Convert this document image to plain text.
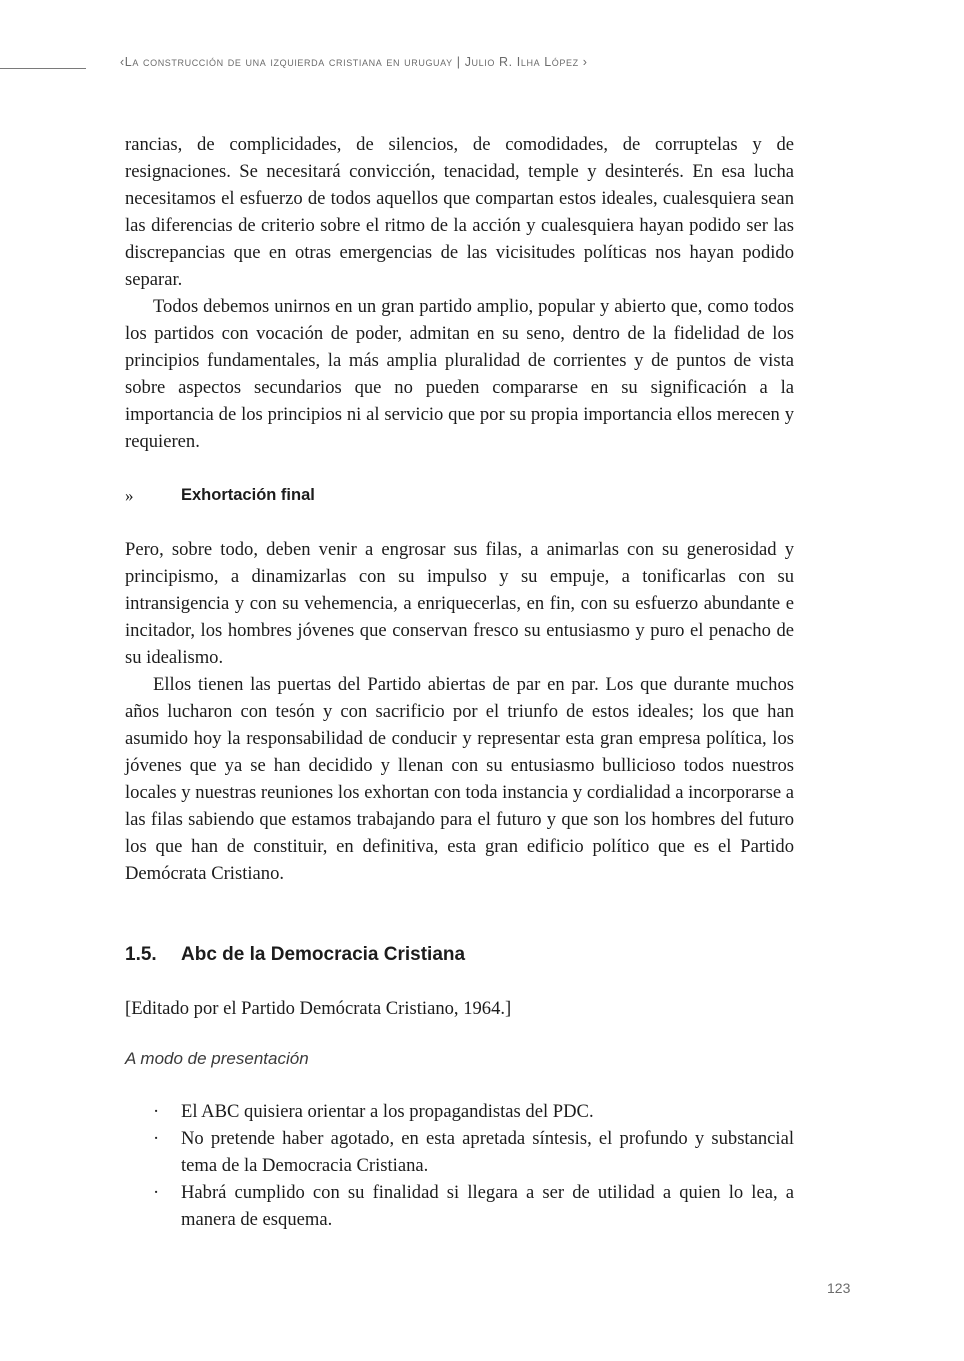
‹La construcción de una izquierda cristiana en uruguay | Julio R. Ilha López ›

rancias, de complicidades, de silencios, de comodidades, de corruptelas y de resignaciones. Se necesitará convicción, tenacidad, temple y desinterés. En esa lucha necesitamos el esfuerzo de todos aquellos que compartan estos ideales, cualesquiera sean las diferencias de criterio sobre el ritmo de la acción y cualesquiera hayan podido ser las discrepancias que en otras emergencias de las vicisitudes políticas nos hayan podido separar.

Todos debemos unirnos en un gran partido amplio, popular y abierto que, como todos los partidos con vocación de poder, admitan en su seno, dentro de la fidelidad de los principios fundamentales, la más amplia pluralidad de corrientes y de puntos de vista sobre aspectos secundarios que no pueden compararse en su significación a la importancia de los principios ni al servicio que por su propia importancia ellos merecen y requieren.

»	Exhortación final

Pero, sobre todo, deben venir a engrosar sus filas, a animarlas con su generosidad y principismo, a dinamizarlas con su impulso y su empuje, a tonificarlas con su intransigencia y con su vehemencia, a enriquecerlas, en fin, con su esfuerzo abundante e incitador, los hombres jóvenes que conservan fresco su entusiasmo y puro el penacho de su idealismo.

Ellos tienen las puertas del Partido abiertas de par en par. Los que durante muchos años lucharon con tesón y con sacrificio por el triunfo de estos ideales; los que han asumido hoy la responsabilidad de conducir y representar esta gran empresa política, los jóvenes que ya se han decidido y llenan con su entusiasmo bullicioso todos nuestros locales y nuestras reuniones los exhortan con toda instancia y cordialidad a incorporarse a las filas sabiendo que estamos trabajando para el futuro y que son los hombres del futuro los que han de constituir, en definitiva, esta gran edificio político que es el Partido Demócrata Cristiano.

1.5.	Abc de la Democracia Cristiana

[Editado por el Partido Demócrata Cristiano, 1964.]

A modo de presentación

· El ABC quisiera orientar a los propagandistas del PDC.
· No pretende haber agotado, en esta apretada síntesis, el profundo y substancial tema de la Democracia Cristiana.
· Habrá cumplido con su finalidad si llegara a ser de utilidad a quien lo lea, a manera de esquema.
123
